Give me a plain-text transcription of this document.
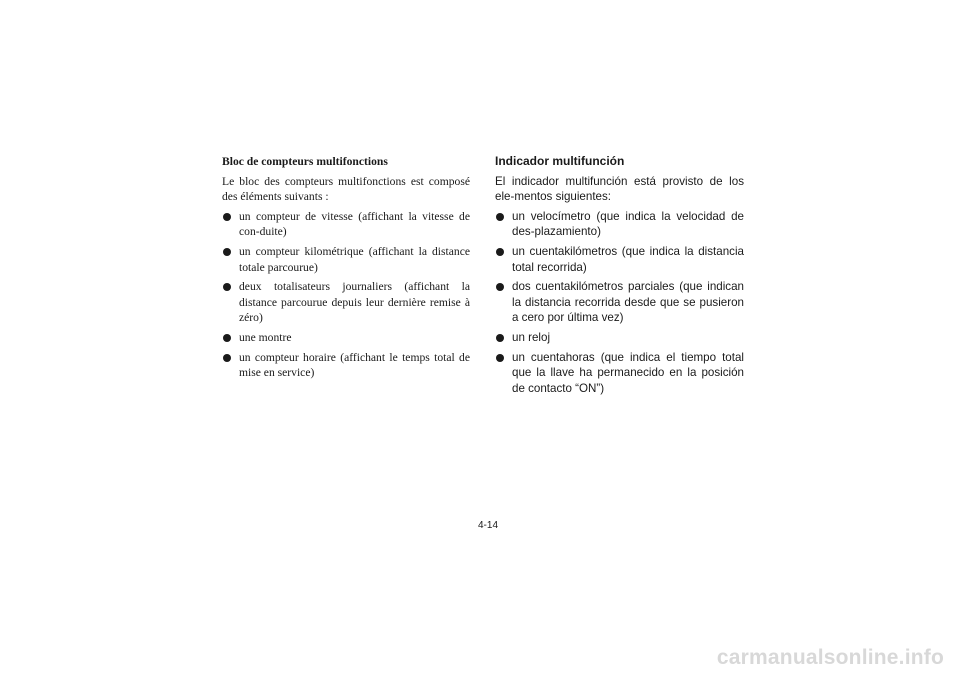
Bloc de compteurs multifonctions
Le bloc des compteurs multifonctions est composé des éléments suivants :
un compteur de vitesse (affichant la vitesse de con-duite)
un compteur kilométrique (affichant la distance totale parcourue)
deux totalisateurs journaliers (affichant la distance parcourue depuis leur dernière remise à zéro)
une montre
un compteur horaire (affichant le temps total de mise en service)
Indicador multifunción
El indicador multifunción está provisto de los ele-mentos siguientes:
un velocímetro (que indica la velocidad de des-plazamiento)
un cuentakilómetros (que indica la distancia total recorrida)
dos cuentakilómetros parciales (que indican la distancia recorrida desde que se pusieron a cero por última vez)
un reloj
un cuentahoras (que indica el tiempo total que la llave ha permanecido en la posición de contacto “ON”)
4-14
carmanualsonline.info
